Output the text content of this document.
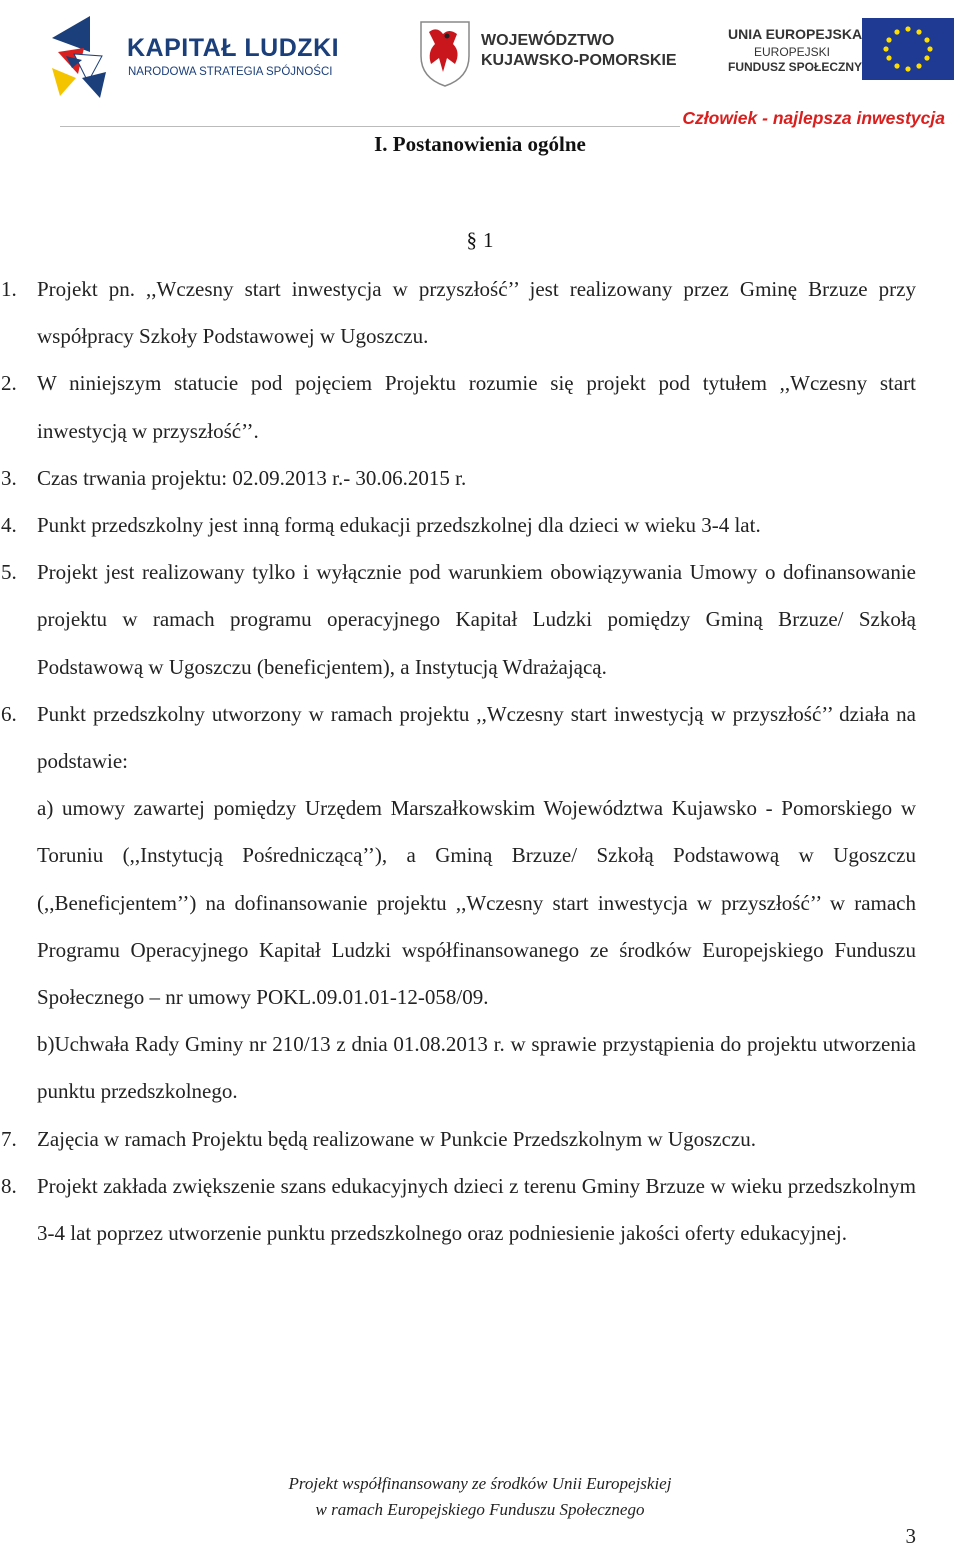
KAPITAŁ LUDZKI
NARODOWA STRATEGIA SPÓJNOŚCI
WOJEWÓDZTWO
KUJAWSKO-POMORSKIE
UNIA EUROPEJSKA
EUROPEJSKI
FUNDUSZ SPOŁECZNY
Człowiek - najlepsza inwestycja
I. Postanowienia ogólne
§ 1
1. Projekt pn. ,,Wczesny start inwestycja w przyszłość’’ jest realizowany przez Gminę Brzuze przy współpracy Szkoły Podstawowej w Ugoszczu.
2. W niniejszym statucie pod pojęciem Projektu rozumie się projekt pod tytułem ,,Wczesny start inwestycją w przyszłość’’.
3. Czas trwania projektu: 02.09.2013 r.- 30.06.2015 r.
4. Punkt przedszkolny jest inną formą edukacji przedszkolnej dla dzieci w wieku 3-4 lat.
5. Projekt jest realizowany tylko i wyłącznie pod warunkiem obowiązywania Umowy o dofinansowanie projektu w ramach programu operacyjnego Kapitał Ludzki pomiędzy Gminą Brzuze/ Szkołą Podstawową w Ugoszczu (beneficjentem), a Instytucją Wdrażającą.
6. Punkt przedszkolny utworzony w ramach projektu ,,Wczesny start inwestycją w przyszłość’’ działa na podstawie:
a) umowy zawartej pomiędzy Urzędem Marszałkowskim Województwa Kujawsko - Pomorskiego w Toruniu (,,Instytucją Pośredniczącą’’), a Gminą Brzuze/ Szkołą Podstawową w Ugoszczu (,,Beneficjentem’’) na dofinansowanie projektu ,,Wczesny start inwestycja w przyszłość’’ w ramach Programu Operacyjnego Kapitał Ludzki współfinansowanego ze środków Europejskiego Funduszu Społecznego – nr umowy POKL.09.01.01-12-058/09.
b)Uchwała Rady Gminy nr 210/13 z dnia 01.08.2013 r. w sprawie przystąpienia do projektu utworzenia punktu przedszkolnego.
7. Zajęcia w ramach Projektu będą realizowane w Punkcie Przedszkolnym w Ugoszczu.
8. Projekt zakłada zwiększenie szans edukacyjnych dzieci z terenu Gminy Brzuze w wieku przedszkolnym 3-4 lat poprzez utworzenie punktu przedszkolnego oraz podniesienie jakości oferty edukacyjnej.
Projekt współfinansowany ze środków Unii Europejskiej
w ramach Europejskiego Funduszu Społecznego
3
